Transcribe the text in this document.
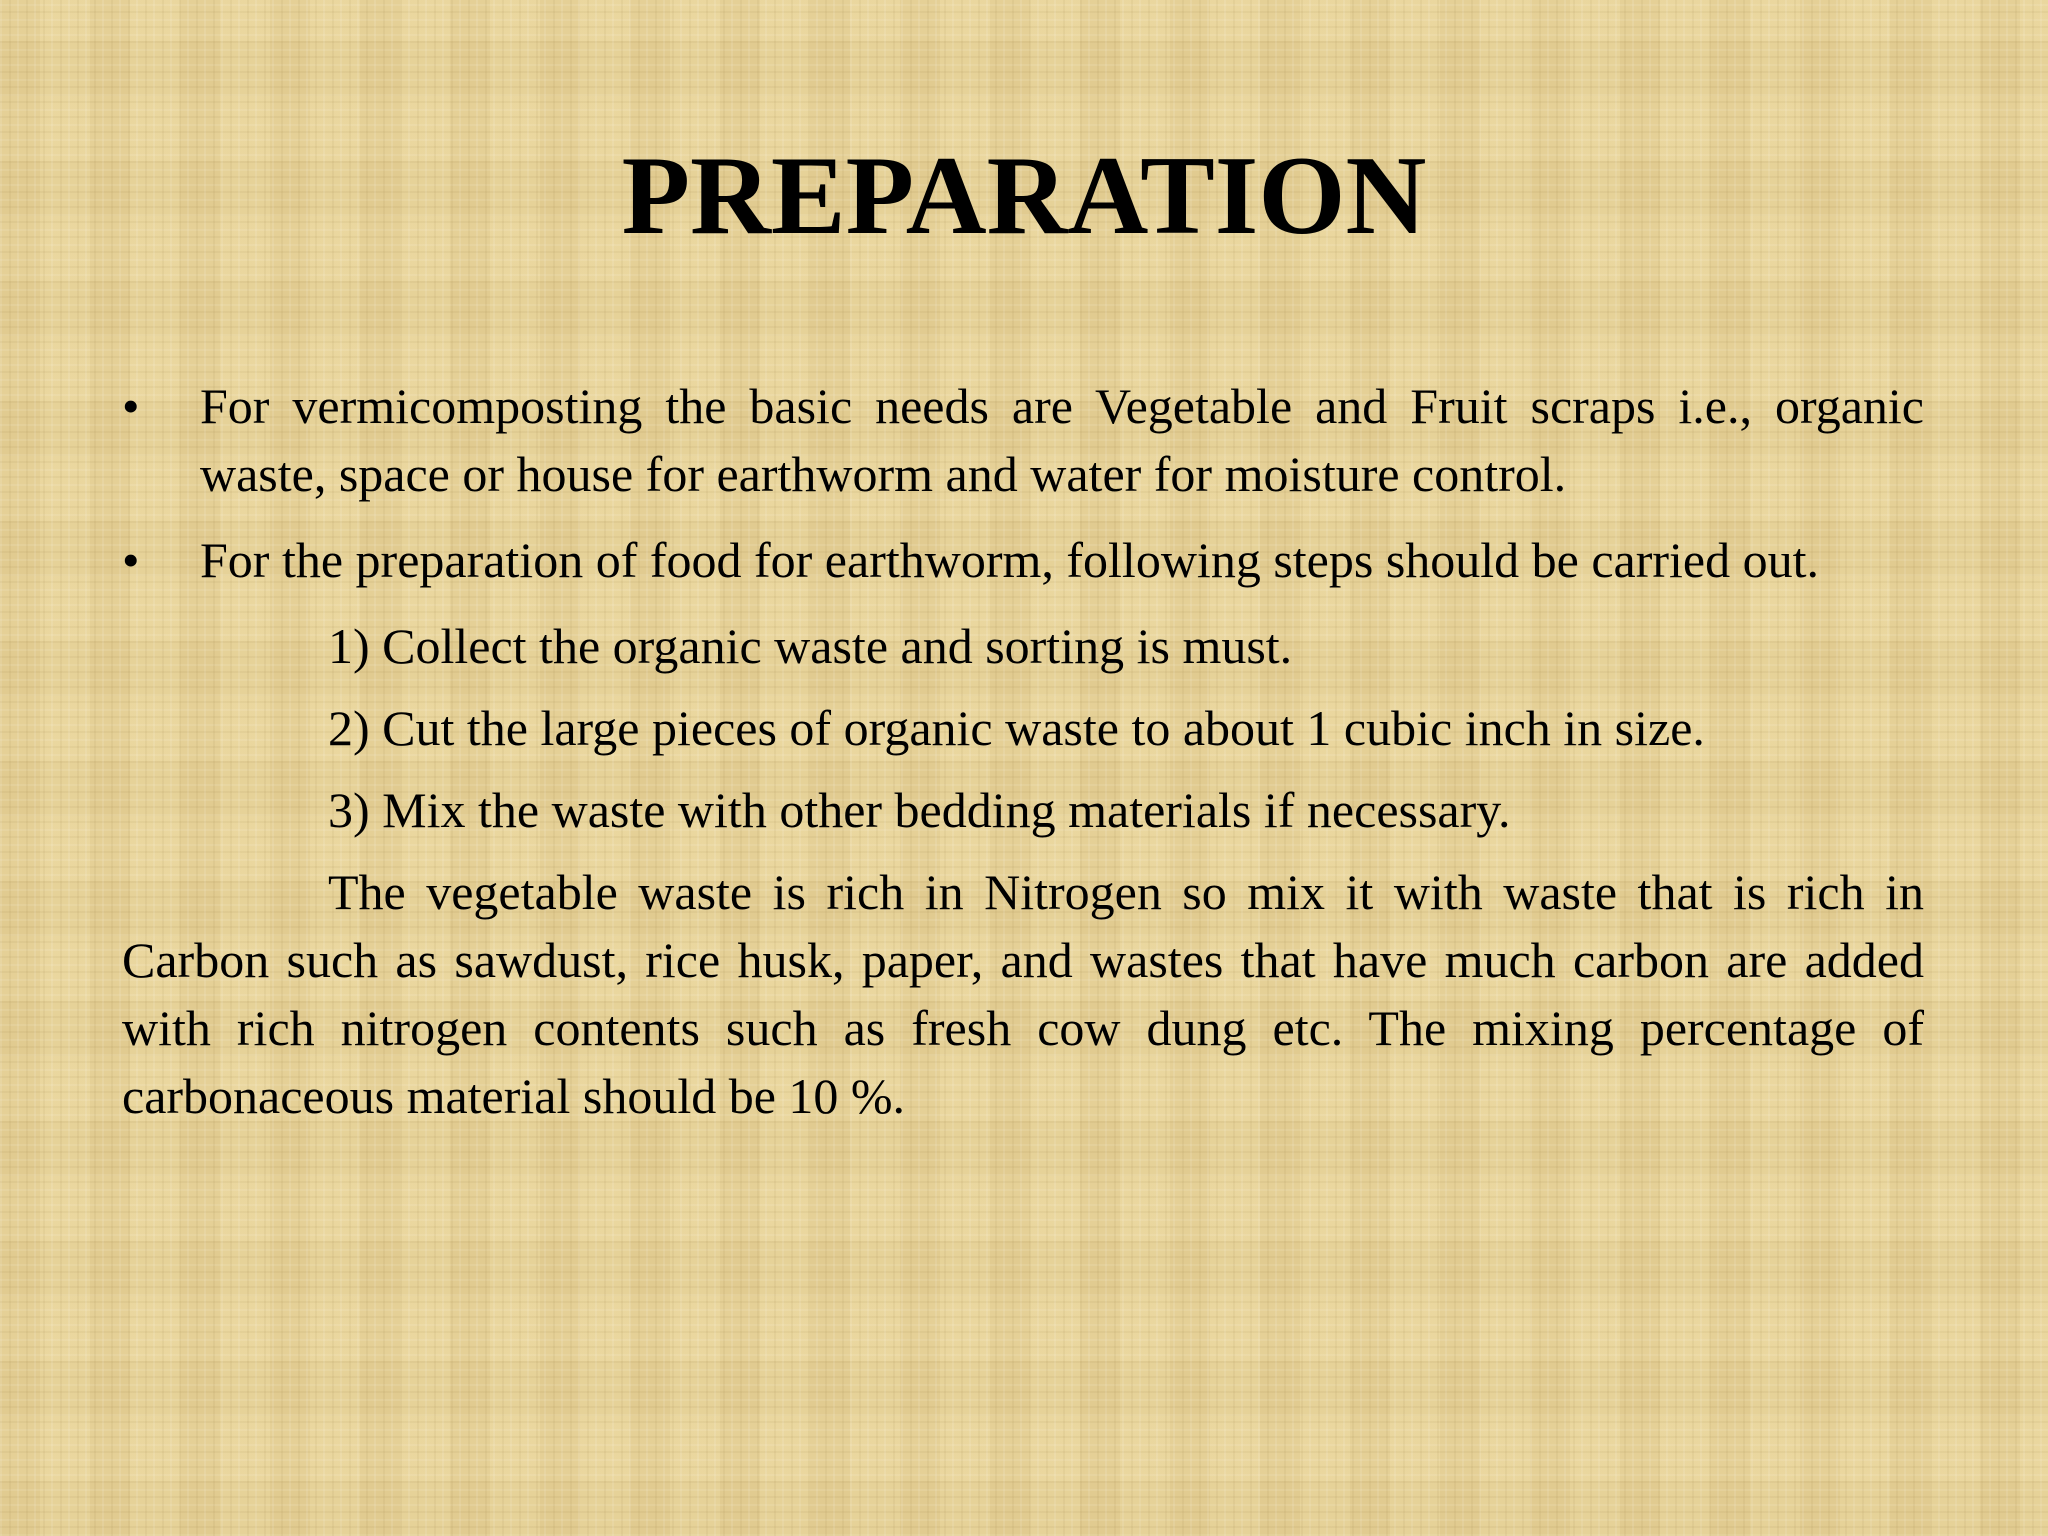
PREPARATION
•	For vermicomposting the basic needs are Vegetable and Fruit scraps i.e., organic waste, space or house for earthworm and water for moisture control.
•	For the preparation of food for earthworm, following steps should be carried out.
1) Collect the organic waste and sorting is must.
2) Cut the large pieces of organic waste to about 1 cubic inch in size.
3) Mix the waste with other bedding materials if necessary.
The vegetable waste is rich in Nitrogen so mix it with waste that is rich in Carbon such as sawdust, rice husk, paper, and wastes that have much carbon are added with rich nitrogen contents such as fresh cow dung etc. The mixing percentage of carbonaceous material should be 10 %.
